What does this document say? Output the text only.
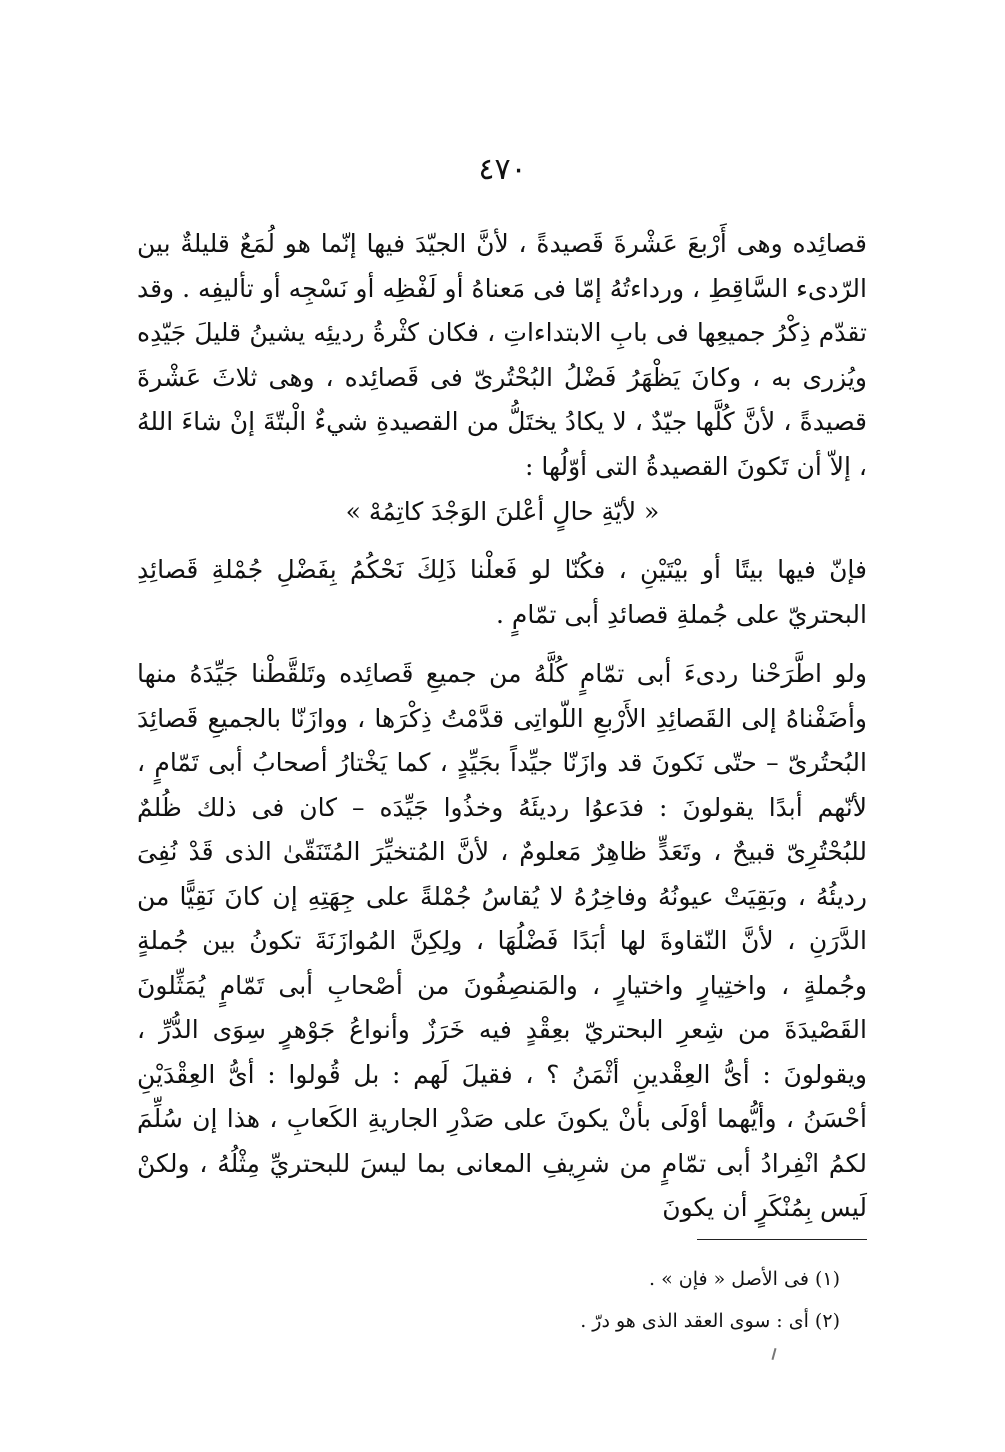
٤٧٠

قصائِده وهى أَرْبعَ عَشْرةَ قَصيدةً ، لأنَّ الجيّدَ فيها إنّما هو لُمَعٌ قليلةٌ بين الرّدىء السَّاقِطِ ، ورداءتُهُ إمّا فى مَعناهُ أو لَفْظِه أو نَسْجِه أو تأليفِه . وقد تقدّم ذِكْرُ جميعِها فى بابِ الابتداءاتِ ، فكان كثْرةُ رديئِه يشينُ قليلَ جَيّدِه ويُزرى به ، وكانَ يَظْهَرُ فَضْلُ البُحْتُرىّ فى قَصائِده ، وهى ثلاثَ عَشْرةَ قصيدةً ، لأنَّ كُلَّها جيّدٌ ، لا يكادُ يختَلُّ من القصيدةِ شيءٌ الْبتّةَ إنْ شاءَ اللهُ ، إلاّ أن تَكونَ القصيدةُ التى أوّلُها :

« لأيّةِ حالٍ أعْلنَ الوَجْدَ كاتِمُهْ »

فإنّ فيها بيتًا أو بيْتَيْنِ ، فكُنّا لو فَعلْنا ذَلِكَ نَحْكُمُ بِفَضْلِ جُمْلةِ قَصائِدِ البحتريّ على جُملةِ قصائدِ أبى تمّامٍ .

ولو اطَّرَحْنا ردىءَ أبى تمّامٍ كُلَّهُ من جميعِ قَصائِده وتَلقَّطْنا جَيِّدَهُ منها وأضَفْناهُ إلى القَصائِدِ الأَرْبعِ اللّواتِى قدَّمْتُ ذِكْرَها ، ووازَنّا بالجميعِ قَصائِدَ البُحتُرىّ – حتّى نَكونَ قد وازَنّا جيِّداً بجَيِّدٍ ، كما يَخْتارُ أصحابُ أبى تَمّامٍ ، لأنّهم أبدًا يقولونَ : فدَعوُا رديئَهُ وخذُوا جَيِّدَه – كان فى ذلك ظُلمٌ للبُحْتُرِىّ قبيحٌ ، وتَعَدٍّ ظاهِرٌ مَعلومٌ ، لأنَّ المُتخيِّرَ المُتَنَقّىٰ الذى قَدْ نُفِىَ رديئُهُ ، وبَقِيَتْ عيونُهُ وفاخِرُهُ لا يُقاسُ جُمْلةً على جِهَتِهِ إن كانَ نَقِيًّا من الدَّرَنِ ، لأنَّ النّقاوةَ لها أبَدًا فَضْلُهَا ، ولِكِنَّ المُوازَنَةَ تكونُ بين جُملةٍ وجُملةٍ ، واختِيارٍ واختيارٍ ، والمَنصِفُونَ من أصْحابِ أبى تَمّامٍ يُمَثِّلونَ القَصْيدَةَ من شِعرِ البحتريّ بعِقْدٍ فيه خَرَزٌ وأنواعُ جَوْهرٍ سِوَى الدُّرِّ ، ويقولونَ : أىُّ العِقْدينِ أثْمَنُ ؟ ، فقيلَ لَهم : بل قُولوا : أىُّ العِقْدَيْنِ أحْسَنُ ، وأيُّهما أوْلَى بأنْ يكونَ على صَدْرِ الجاريةِ الكَعابِ ، هذا إن سُلِّمَ لكمُ انْفِرادُ أبى تمّامٍ من شرِيفِ المعانى بما ليسَ للبحتريِّ مِثْلُهُ ، ولكنْ لَيس بِمُنْكَرٍ أن يكونَ

(١) فى الأصل « فإن » .
(٢) أى : سوى العقد الذى هو درّ .
